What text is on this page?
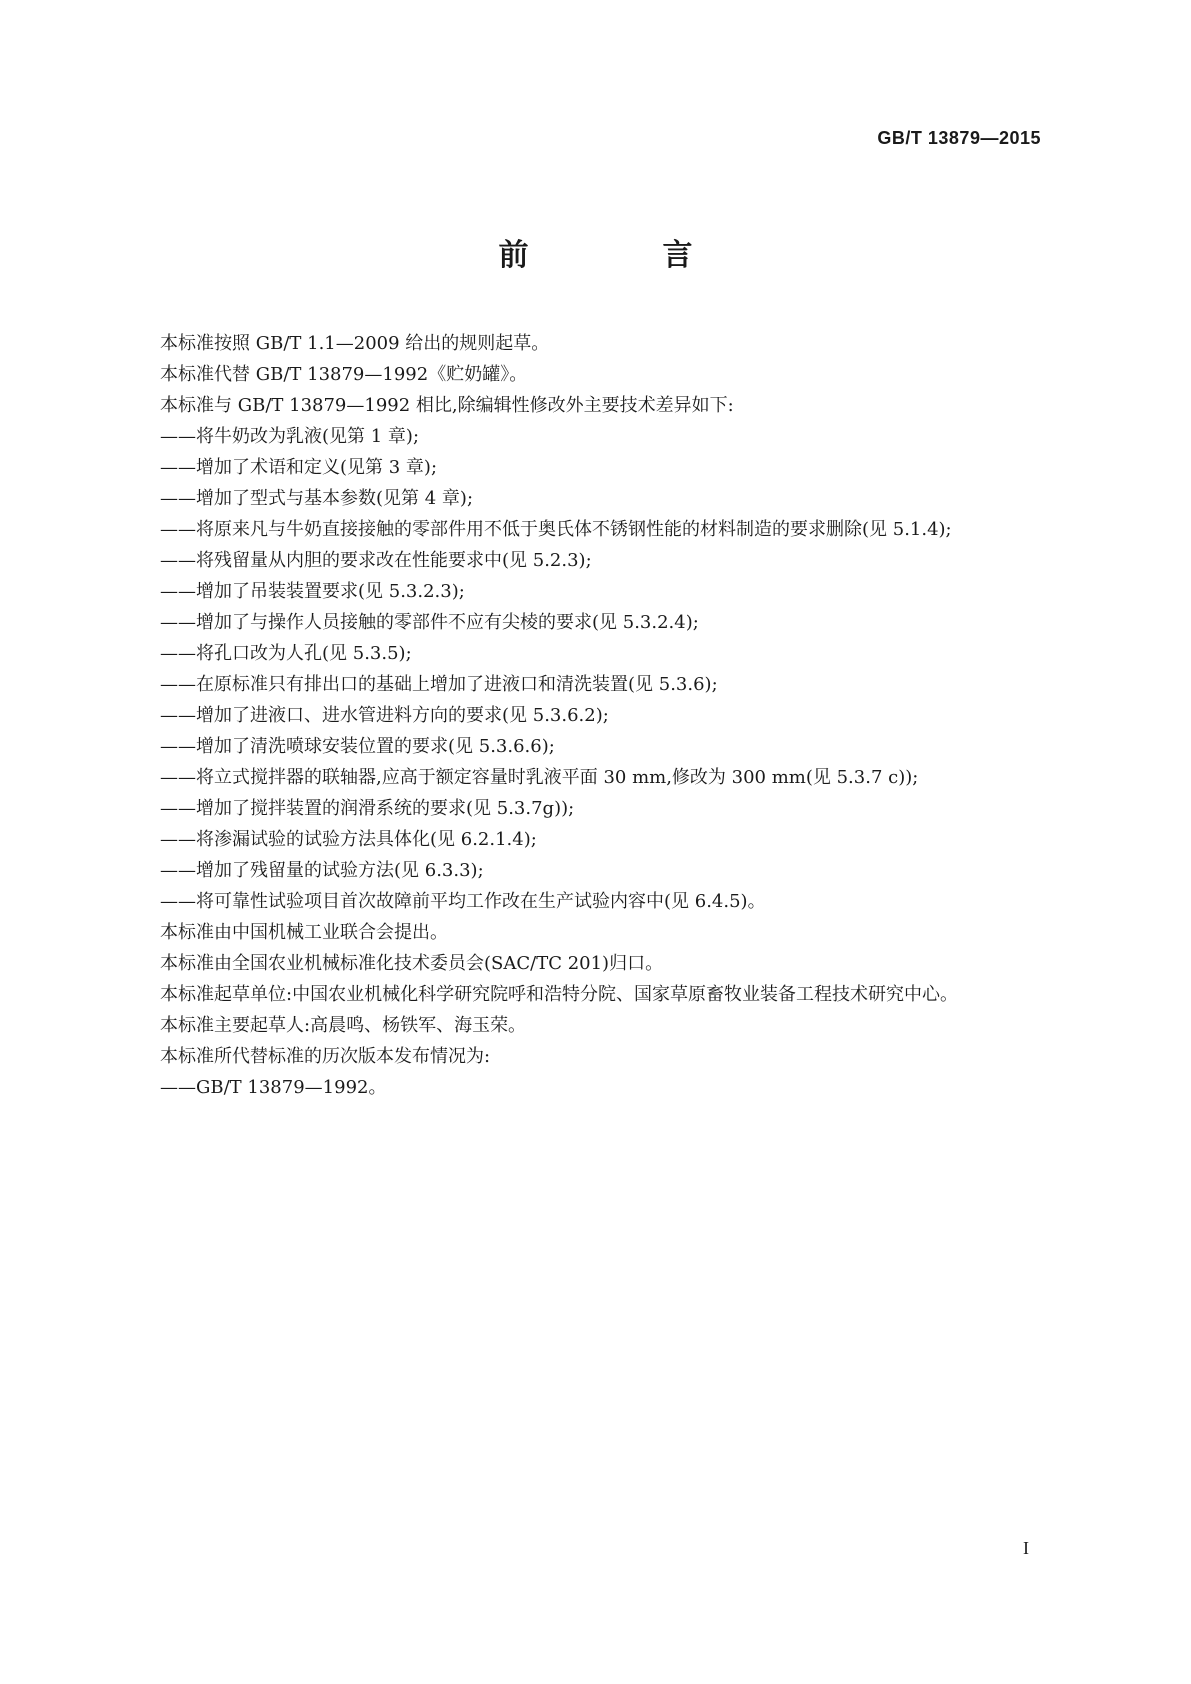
GB/T 13879—2015
前　言

本标准按照 GB/T 1.1—2009 给出的规则起草。

本标准代替 GB/T 13879—1992《贮奶罐》。

本标准与 GB/T 13879—1992 相比,除编辑性修改外主要技术差异如下:

——将牛奶改为乳液(见第 1 章);

——增加了术语和定义(见第 3 章);

——增加了型式与基本参数(见第 4 章);

——将原来凡与牛奶直接接触的零部件用不低于奥氏体不锈钢性能的材料制造的要求删除(见 5.1.4);

——将残留量从内胆的要求改在性能要求中(见 5.2.3);

——增加了吊装装置要求(见 5.3.2.3);

——增加了与操作人员接触的零部件不应有尖棱的要求(见 5.3.2.4);

——将孔口改为人孔(见 5.3.5);

——在原标准只有排出口的基础上增加了进液口和清洗装置(见 5.3.6);

——增加了进液口、进水管进料方向的要求(见 5.3.6.2);

——增加了清洗喷球安装位置的要求(见 5.3.6.6);

——将立式搅拌器的联轴器,应高于额定容量时乳液平面 30 mm,修改为 300 mm(见 5.3.7 c));

——增加了搅拌装置的润滑系统的要求(见 5.3.7g));

——将渗漏试验的试验方法具体化(见 6.2.1.4);

——增加了残留量的试验方法(见 6.3.3);

——将可靠性试验项目首次故障前平均工作改在生产试验内容中(见 6.4.5)。

本标准由中国机械工业联合会提出。

本标准由全国农业机械标准化技术委员会(SAC/TC 201)归口。

本标准起草单位:中国农业机械化科学研究院呼和浩特分院、国家草原畜牧业装备工程技术研究中心。

本标准主要起草人:高晨鸣、杨铁军、海玉荣。

本标准所代替标准的历次版本发布情况为:

——GB/T 13879—1992。

I
